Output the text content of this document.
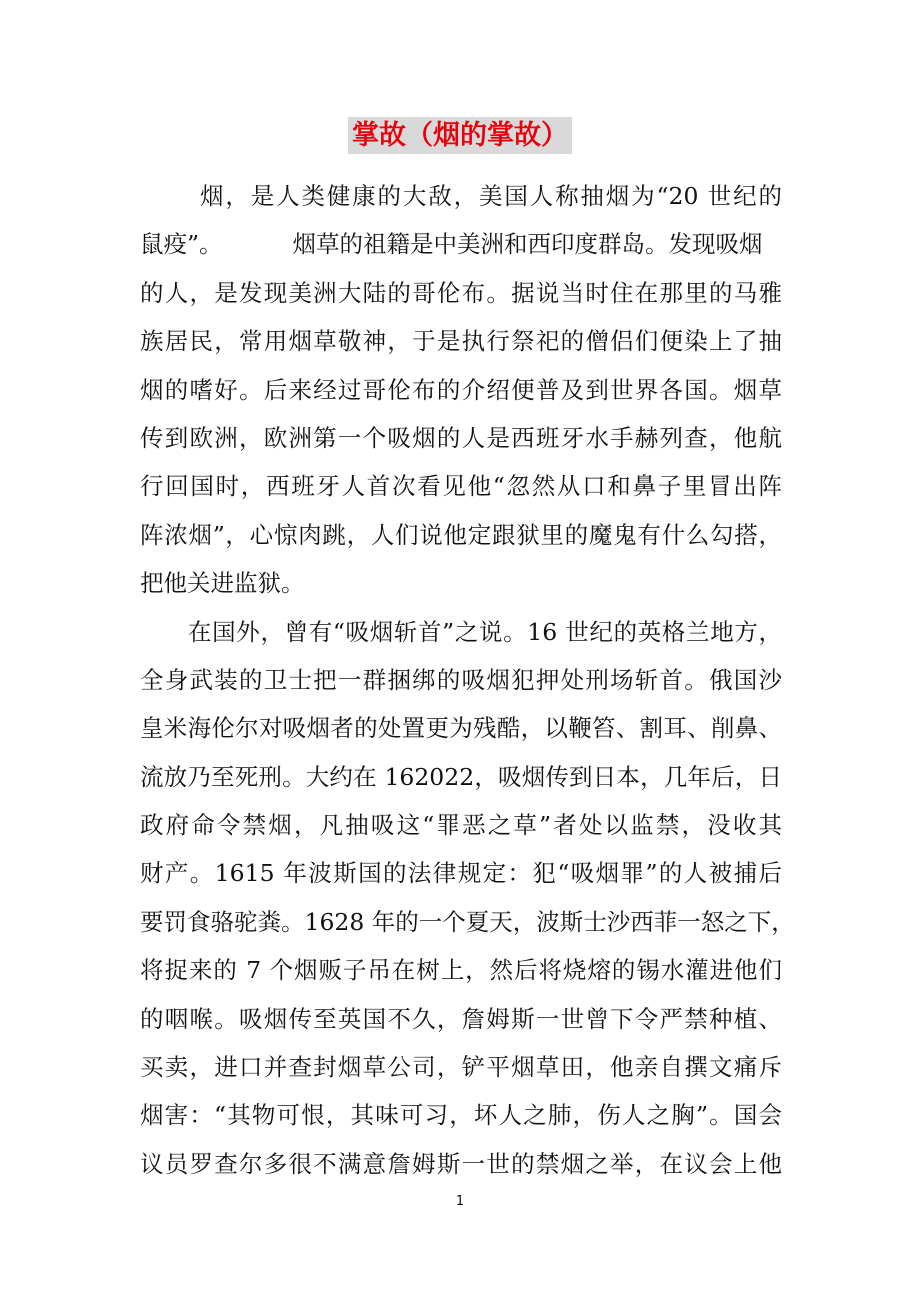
掌故（烟的掌故）
烟，是人类健康的大敌，美国人称抽烟为“20 世纪的
鼠疫”。	烟草的祖籍是中美洲和西印度群岛。发现吸烟
的人，是发现美洲大陆的哥伦布。据说当时住在那里的马雅
族居民，常用烟草敬神，于是执行祭祀的僧侣们便染上了抽
烟的嗜好。后来经过哥伦布的介绍便普及到世界各国。烟草
传到欧洲，欧洲第一个吸烟的人是西班牙水手赫列查，他航
行回国时，西班牙人首次看见他“忽然从口和鼻子里冒出阵
阵浓烟”，心惊肉跳，人们说他定跟狱里的魔鬼有什么勾搭，
把他关进监狱。
在国外，曾有“吸烟斩首”之说。16 世纪的英格兰地方，
全身武装的卫士把一群捆绑的吸烟犯押处刑场斩首。俄国沙
皇米海伦尔对吸烟者的处置更为残酷，以鞭笞、割耳、削鼻、
流放乃至死刑。大约在 162022，吸烟传到日本，几年后，日
政府命令禁烟，凡抽吸这“罪恶之草”者处以监禁，没收其
财产。1615 年波斯国的法律规定：犯“吸烟罪”的人被捕后
要罚食骆驼粪。1628 年的一个夏天，波斯士沙西菲一怒之下，
将捉来的 7 个烟贩子吊在树上，然后将烧熔的锡水灌进他们
的咽喉。吸烟传至英国不久，詹姆斯一世曾下令严禁种植、
买卖，进口并查封烟草公司，铲平烟草田，他亲自撰文痛斥
烟害：“其物可恨，其味可习，坏人之肺，伤人之胸”。国会
议员罗查尔多很不满意詹姆斯一世的禁烟之举，在议会上他
1
